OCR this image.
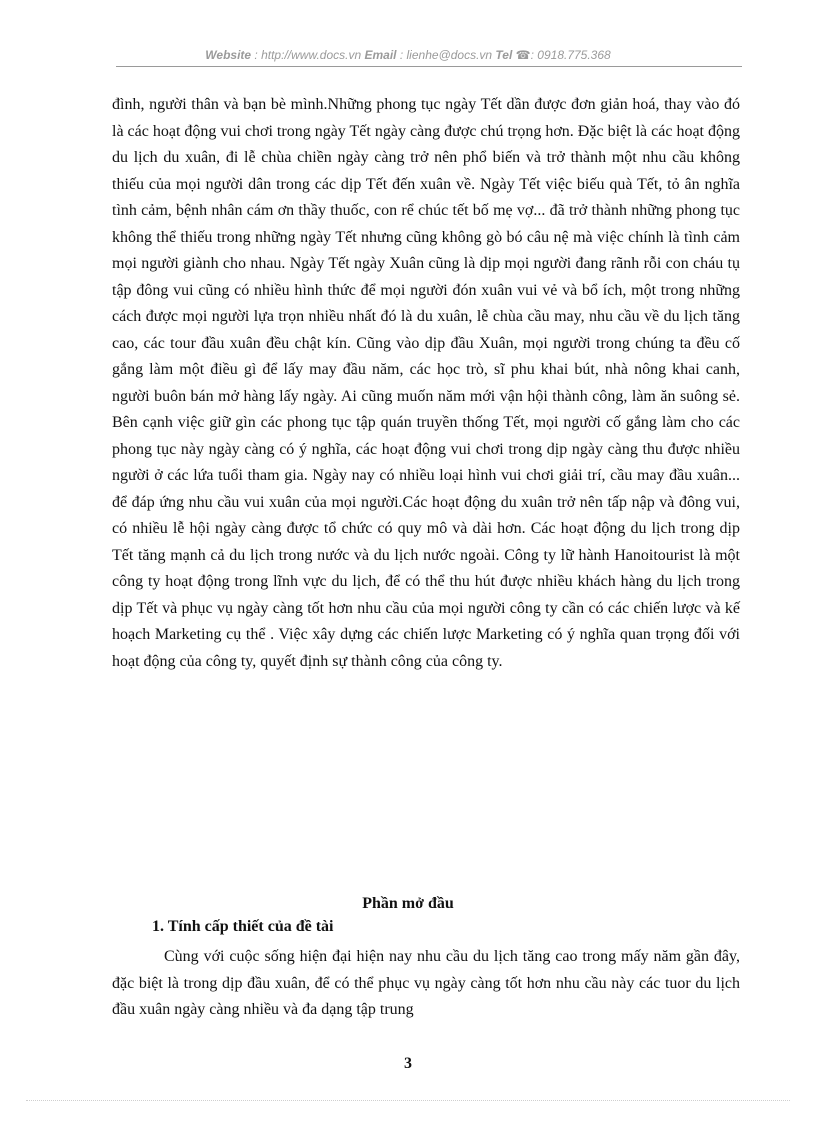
Website : http://www.docs.vn Email : lienhe@docs.vn Tel ☎: 0918.775.368

đình, người thân và bạn bè mình.Những phong tục ngày Tết dần được đơn giản hoá, thay vào đó là các hoạt động vui chơi trong ngày Tết ngày càng được chú trọng hơn. Đặc biệt là các hoạt động du lịch du xuân, đi lễ chùa chiền ngày càng trở nên phổ biến và trở thành một nhu cầu không thiếu của mọi người dân trong các dịp Tết đến xuân về. Ngày Tết việc biếu quà Tết, tỏ ân nghĩa tình cảm, bệnh nhân cám ơn thầy thuốc, con rể chúc tết bố mẹ vợ... đã trở thành những phong tục không thể thiếu trong những ngày Tết nhưng cũng không gò bó câu nệ mà việc chính là tình cảm mọi người giành cho nhau. Ngày Tết ngày Xuân cũng là dịp mọi người đang rãnh rỗi con cháu tụ tập đông vui cũng có nhiều hình thức để mọi người đón xuân vui vẻ và bổ ích, một trong những cách được mọi người lựa trọn nhiều nhất đó là du xuân, lễ chùa cầu may, nhu cầu về du lịch tăng cao, các tour đầu xuân đều chật kín. Cũng vào dịp đầu Xuân, mọi người trong chúng ta đều cố gắng làm một điều gì để lấy may đầu năm, các học trò, sĩ phu khai bút, nhà nông khai canh, người buôn bán mở hàng lấy ngày. Ai cũng muốn năm mới vận hội thành công, làm ăn suông sẻ. Bên cạnh việc giữ gìn các phong tục tập quán truyền thống Tết, mọi người cố gắng làm cho các phong tục này ngày càng có ý nghĩa, các hoạt động vui chơi trong dịp ngày càng thu được nhiều người ở các lứa tuổi tham gia. Ngày nay có nhiều loại hình vui chơi giải trí, cầu may đầu xuân... để đáp ứng nhu cầu vui xuân của mọi người.Các hoạt động du xuân trở nên tấp nập và đông vui, có nhiều lễ hội ngày càng được tổ chức có quy mô và dài hơn. Các hoạt động du lịch trong dịp Tết tăng mạnh cả du lịch trong nước và du lịch nước ngoài. Công ty lữ hành Hanoitourist là một công ty hoạt động trong lĩnh vực du lịch, để có thể thu hút được nhiều khách hàng du lịch trong dịp Tết và phục vụ ngày càng tốt hơn nhu cầu của mọi người công ty cần có các chiến lược và kế hoạch Marketing cụ thể . Việc xây dựng các chiến lược Marketing có ý nghĩa quan trọng đối với hoạt động của công ty, quyết định sự thành công của công ty.

Phần mở đầu
1. Tính cấp thiết của đề tài

Cùng với cuộc sống hiện đại hiện nay nhu cầu du lịch tăng cao trong mấy năm gần đây, đặc biệt là trong dịp đầu xuân, để có thể phục vụ ngày càng tốt hơn nhu cầu này các tuor du lịch đầu xuân ngày càng nhiều và đa dạng tập trung

3
